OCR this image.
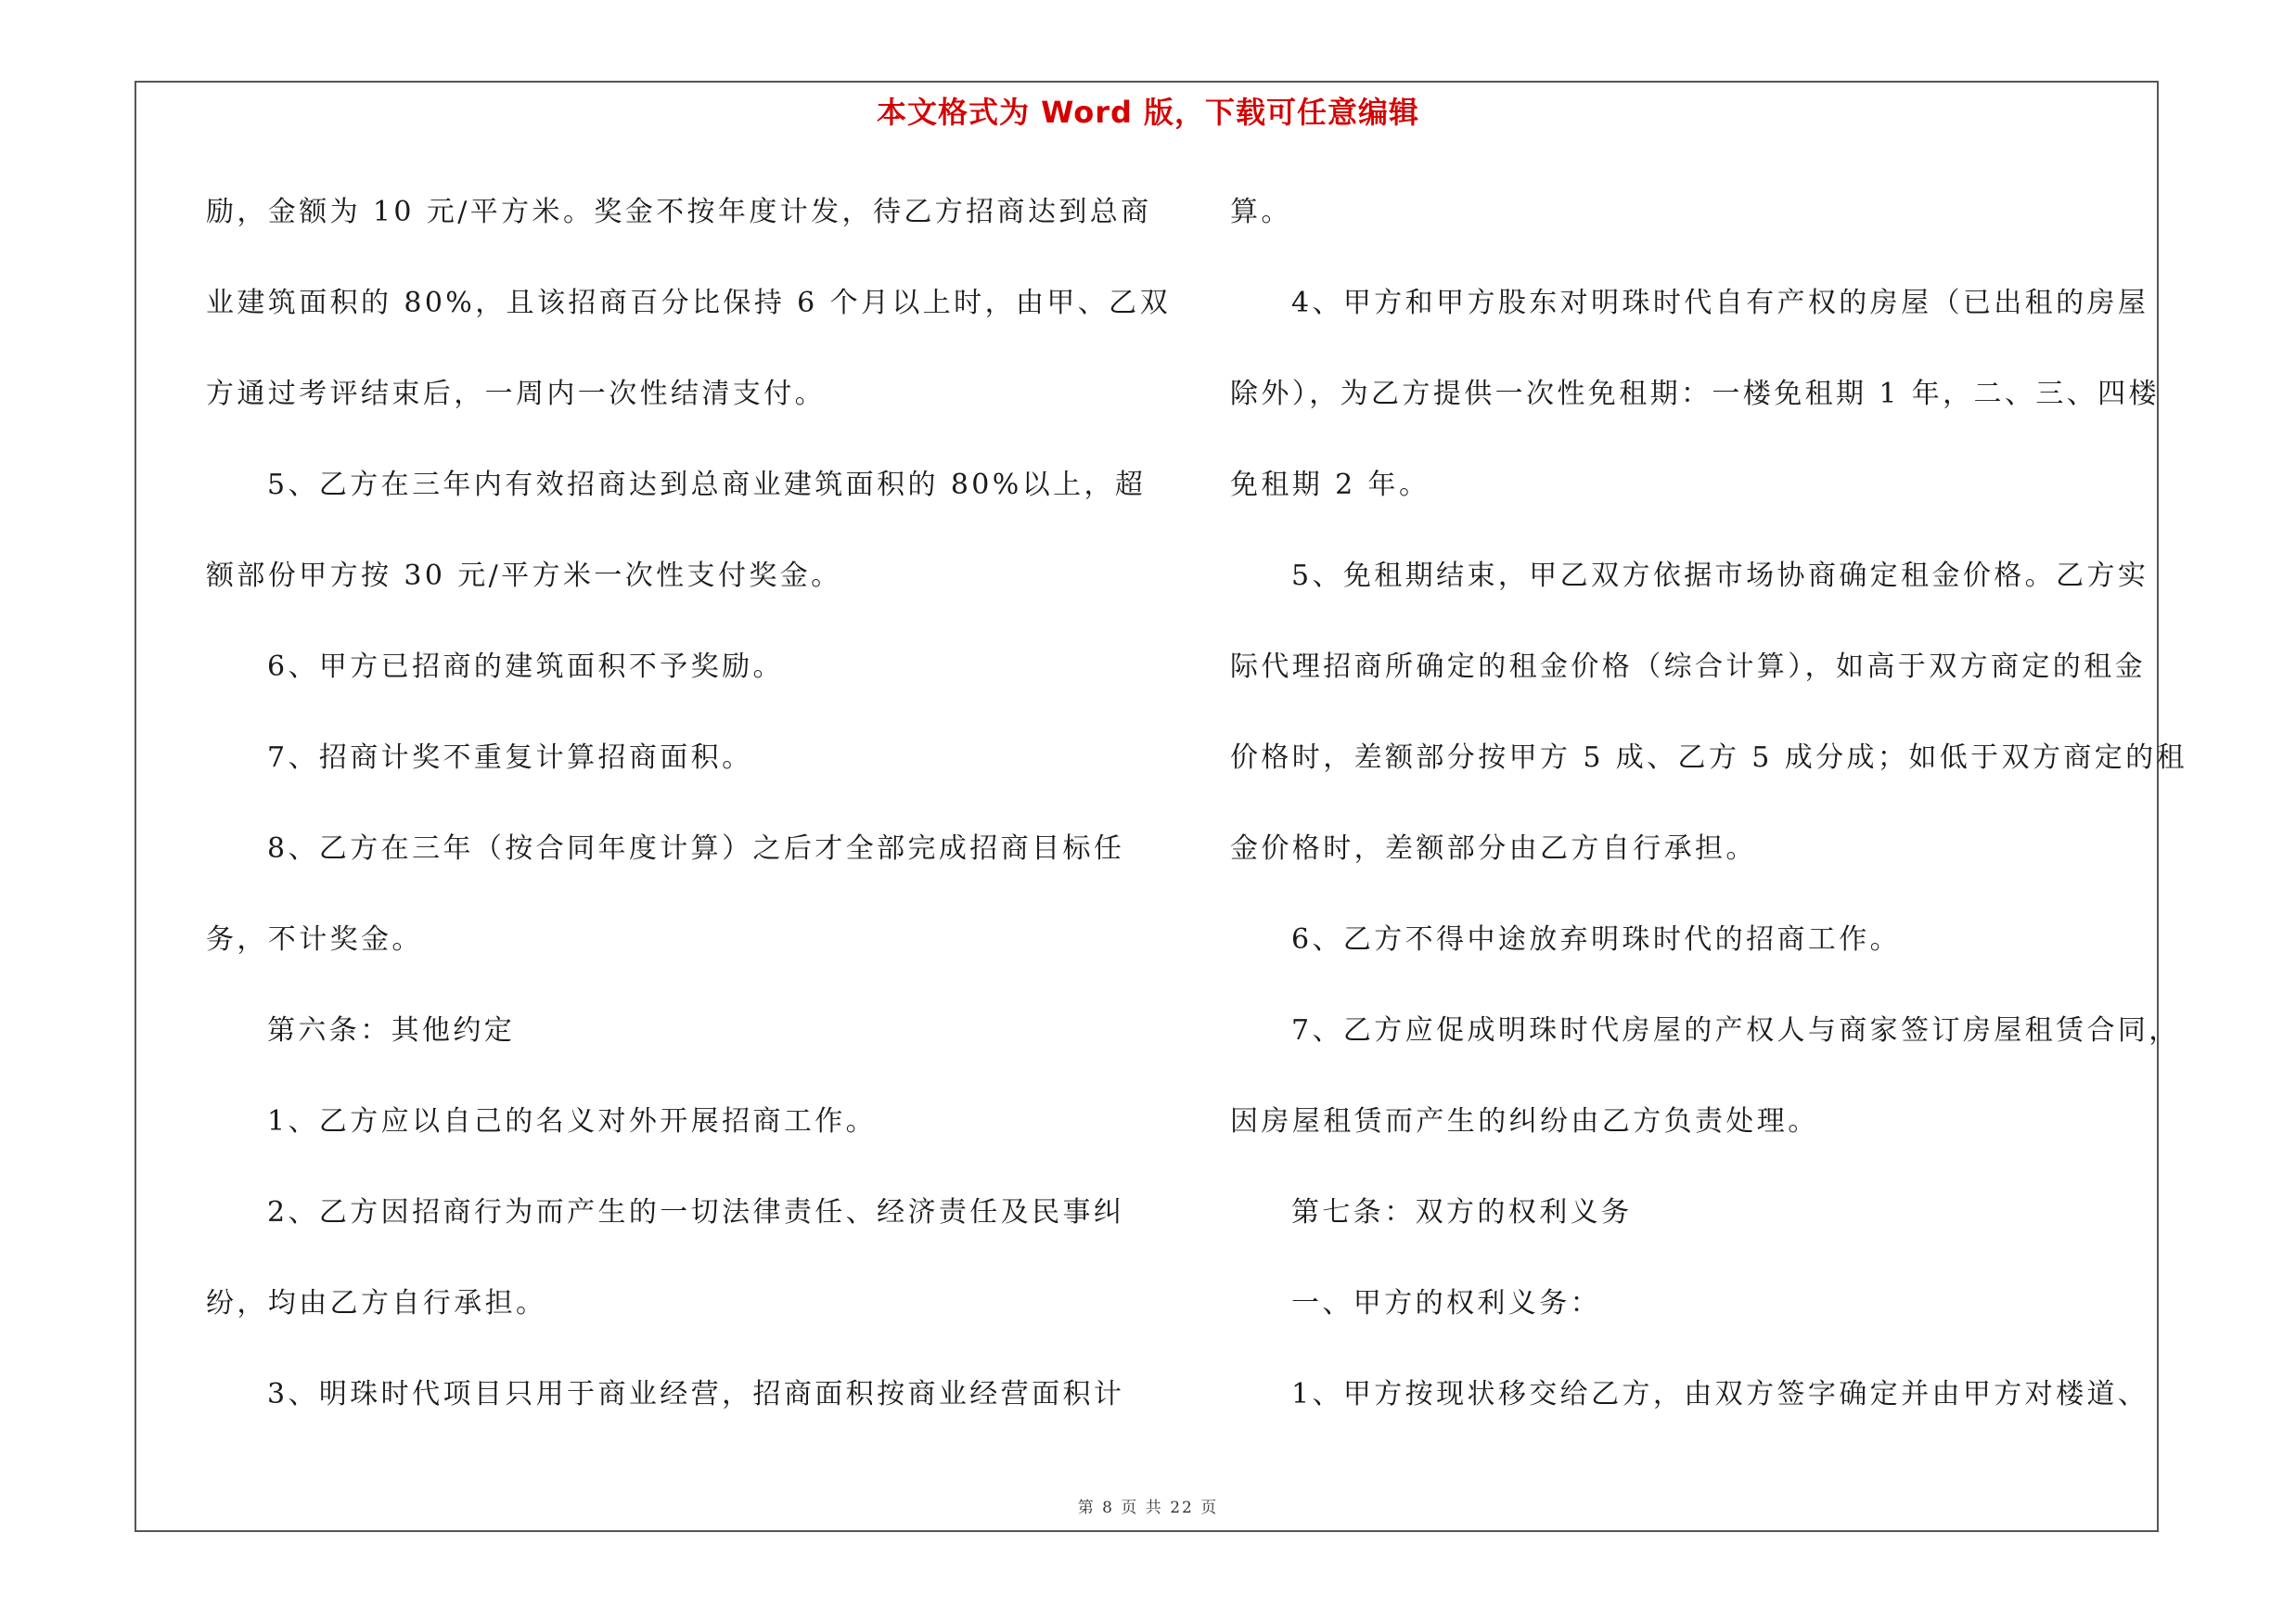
本文格式为 Word 版，下载可任意编辑
励，金额为 10 元/平方米。奖金不按年度计发，待乙方招商达到总商
业建筑面积的 80%，且该招商百分比保持 6 个月以上时，由甲、乙双
方通过考评结束后，一周内一次性结清支付。
5、乙方在三年内有效招商达到总商业建筑面积的 80%以上，超
额部份甲方按 30 元/平方米一次性支付奖金。
6、甲方已招商的建筑面积不予奖励。
7、招商计奖不重复计算招商面积。
8、乙方在三年（按合同年度计算）之后才全部完成招商目标任
务，不计奖金。
第六条：其他约定
1、乙方应以自己的名义对外开展招商工作。
2、乙方因招商行为而产生的一切法律责任、经济责任及民事纠
纷，均由乙方自行承担。
3、明珠时代项目只用于商业经营，招商面积按商业经营面积计
算。
4、甲方和甲方股东对明珠时代自有产权的房屋（已出租的房屋
除外），为乙方提供一次性免租期：一楼免租期 1 年，二、三、四楼
免租期 2 年。
5、免租期结束，甲乙双方依据市场协商确定租金价格。乙方实
际代理招商所确定的租金价格（综合计算），如高于双方商定的租金
价格时，差额部分按甲方 5 成、乙方 5 成分成；如低于双方商定的租
金价格时，差额部分由乙方自行承担。
6、乙方不得中途放弃明珠时代的招商工作。
7、乙方应促成明珠时代房屋的产权人与商家签订房屋租赁合同，
因房屋租赁而产生的纠纷由乙方负责处理。
第七条：双方的权利义务
一、甲方的权利义务：
1、甲方按现状移交给乙方，由双方签字确定并由甲方对楼道、
第 8 页 共 22 页
